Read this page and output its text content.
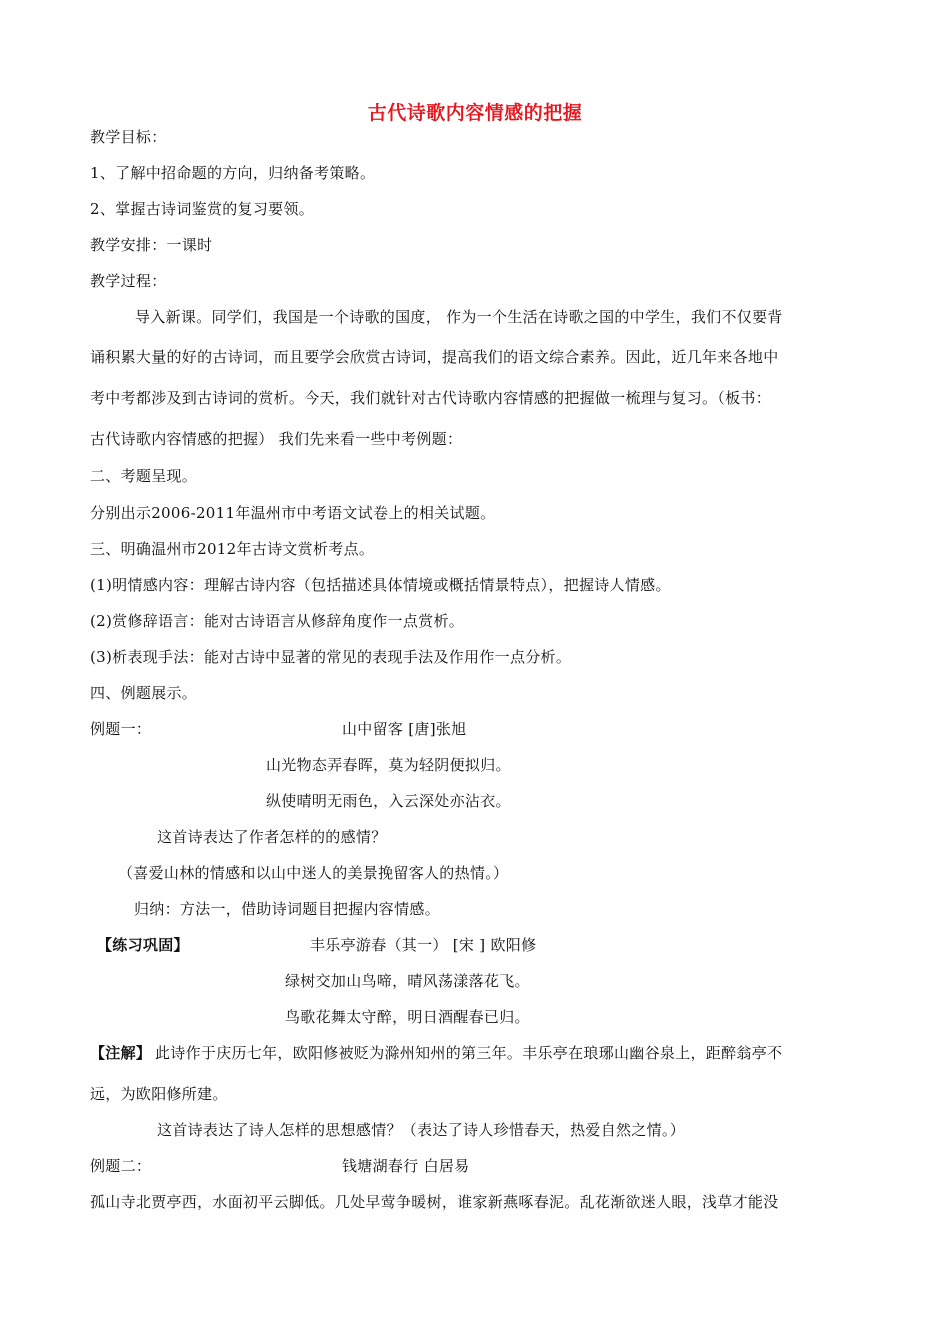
古代诗歌内容情感的把握
教学目标：
1、了解中招命题的方向，归纳备考策略。
2、掌握古诗词鉴赏的复习要领。
教学安排：一课时
教学过程：
导入新课。同学们，我国是一个诗歌的国度， 作为一个生活在诗歌之国的中学生，我们不仅要背
诵积累大量的好的古诗词，而且要学会欣赏古诗词，提高我们的语文综合素养。因此，近几年来各地中
考中考都涉及到古诗词的赏析。今天，我们就针对古代诗歌内容情感的把握做一梳理与复习。（板书：
古代诗歌内容情感的把握） 我们先来看一些中考例题：
二、考题呈现。
分别出示2006-2011年温州市中考语文试卷上的相关试题。
三、明确温州市2012年古诗文赏析考点。
(1)明情感内容：理解古诗内容（包括描述具体情境或概括情景特点），把握诗人情感。
(2)赏修辞语言：能对古诗语言从修辞角度作一点赏析。
(3)析表现手法：能对古诗中显著的常见的表现手法及作用作一点分析。
四、例题展示。
例题一：	山中留客 [唐]张旭
山光物态弄春晖，莫为轻阴便拟归。
纵使晴明无雨色，入云深处亦沾衣。
这首诗表达了作者怎样的的感情？
（喜爱山林的情感和以山中迷人的美景挽留客人的热情。）
归纳：方法一，借助诗词题目把握内容情感。
【练习巩固】	丰乐亭游春（其一） [宋 ] 欧阳修
绿树交加山鸟啼，晴风荡漾落花飞。
鸟歌花舞太守醉，明日酒醒春已归。
【注解】 此诗作于庆历七年，欧阳修被贬为滁州知州的第三年。丰乐亭在琅琊山幽谷泉上，距醉翁亭不
远，为欧阳修所建。
这首诗表达了诗人怎样的思想感情？（表达了诗人珍惜春天，热爱自然之情。）
例题二：	钱塘湖春行 白居易
孤山寺北贾亭西，水面初平云脚低。几处早莺争暖树，谁家新燕啄春泥。乱花渐欲迷人眼，浅草才能没
